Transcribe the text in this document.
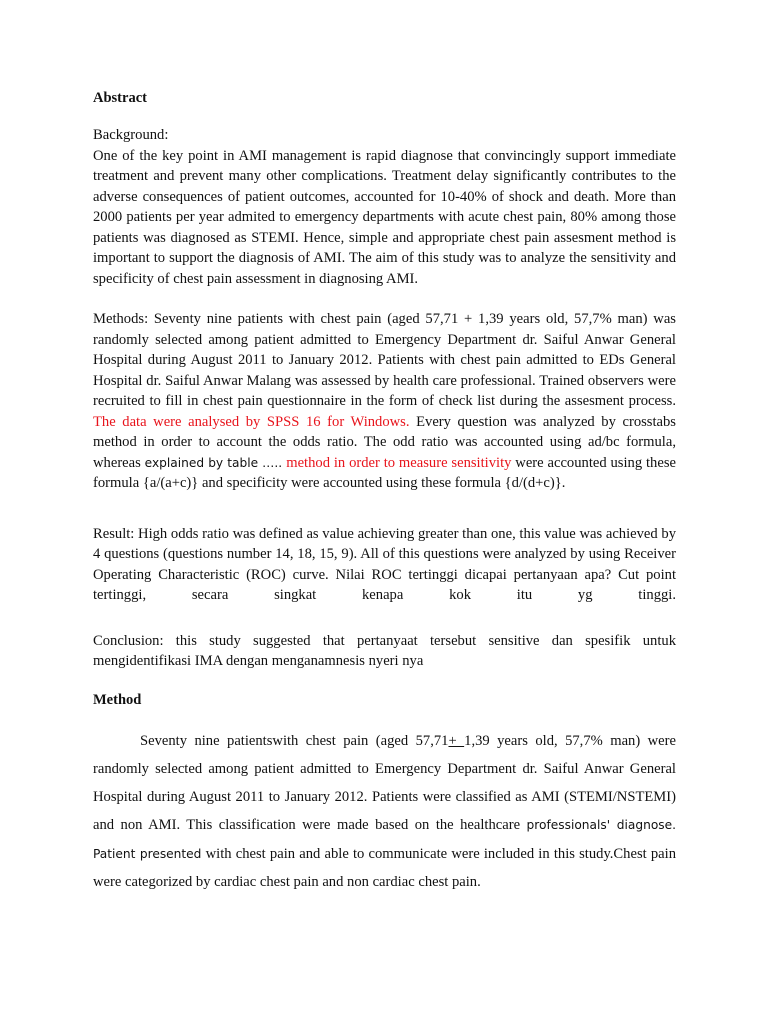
Abstract

Background:

One of the key point in AMI management is rapid diagnose that convincingly support immediate treatment and prevent many other complications. Treatment delay significantly contributes to the adverse consequences of patient outcomes, accounted for 10-40% of shock and death. More than 2000 patients per year admited to emergency departments with acute chest pain, 80% among those patients was diagnosed as STEMI. Hence, simple and appropriate chest pain assesment method is important to support the diagnosis of AMI. The aim of this study was to analyze the sensitivity and specificity of chest pain assessment in diagnosing AMI.

Methods: Seventy nine patients with chest pain (aged 57,71 + 1,39 years old, 57,7% man) was randomly selected among patient admitted to Emergency Department dr. Saiful Anwar General Hospital during August 2011 to January 2012. Patients with chest pain admitted to EDs General Hospital dr. Saiful Anwar Malang was assessed by health care professional. Trained observers were recruited to fill in chest pain questionnaire in the form of check list during the assesment process. The data were analysed by SPSS 16 for Windows. Every question was analyzed by crosstabs method in order to account the odds ratio. The odd ratio was accounted using ad/bc formula, whereas explained by table ….. method in order to measure sensitivity were accounted using these formula {a/(a+c)} and specificity were accounted using these formula {d/(d+c)}.

Result: High odds ratio was defined as value achieving greater than one, this value was achieved by 4 questions (questions number 14, 18, 15, 9). All of this questions were analyzed by using Receiver Operating Characteristic (ROC) curve. Nilai ROC tertinggi dicapai pertanyaan apa? Cut point tertinggi, secara singkat kenapa kok itu yg tinggi.

Conclusion: this study suggested that pertanyaat tersebut sensitive dan spesifik untuk mengidentifikasi IMA dengan menganamnesis nyeri nya

Method

Seventy nine patientswith chest pain (aged 57,71+ 1,39 years old, 57,7% man) were randomly selected among patient admitted to Emergency Department dr. Saiful Anwar General Hospital during August 2011 to January 2012. Patients were classified as AMI (STEMI/NSTEMI) and non AMI. This classification were made based on the healthcare professionals' diagnose. Patient presented with chest pain and able to communicate were included in this study.Chest pain were categorized by cardiac chest pain and non cardiac chest pain.
